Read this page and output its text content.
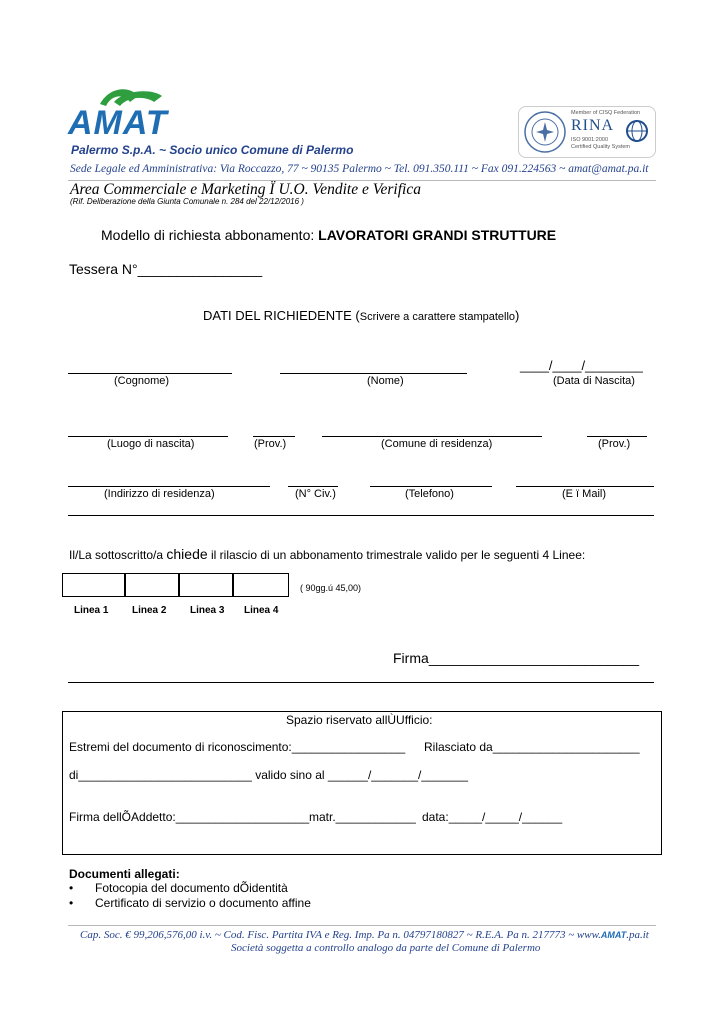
AMAT
Palermo S.p.A. ~ Socio unico Comune di Palermo
Sede Legale ed Amministrativa: Via Roccazzo, 77 ~ 90135 Palermo ~ Tel. 091.350.111 ~ Fax 091.224563 ~ amat@amat.pa.it
Area Commerciale e Marketing Ï U.O. Vendite e Verifica
(Rif. Deliberazione della Giunta Comunale n. 284 del 22/12/2016 )
Member of CISQ Federation
RINA
ISO 9001:2000
Certified Quality System
Modello di richiesta abbonamento: LAVORATORI GRANDI STRUTTURE
Tessera N°________________
DATI DEL RICHIEDENTE (Scrivere a carattere stampatello)
____/____/________
(Cognome)	(Nome)	(Data di Nascita)
(Luogo di nascita)	(Prov.)	(Comune di residenza)	(Prov.)
(Indirizzo di residenza)	(N° Civ.)	(Telefono)	(E ï Mail)
Il/La sottoscritto/a chiede il rilascio di un abbonamento trimestrale valido per le seguenti 4 Linee:
( 90gg.ú 45,00)
Linea 1 Linea 2 Linea 3 Linea 4
Firma___________________________
Spazio riservato allÙUfficio:
Estremi del documento di riconoscimento:_________________ Rilasciato da______________________
di__________________________ valido sino al ______/_______/_______
Firma dellÕAddetto:____________________ matr.____________ data:_____/_____/______
Documenti allegati:
• Fotocopia del documento dÕidentità
• Certificato di servizio o documento affine
Cap. Soc. € 99,206,576,00 i.v. ~ Cod. Fisc. Partita IVA e Reg. Imp. Pa n. 04797180827 ~ R.E.A. Pa n. 217773 ~ www.AMAT.pa.it
Società soggetta a controllo analogo da parte del Comune di Palermo
